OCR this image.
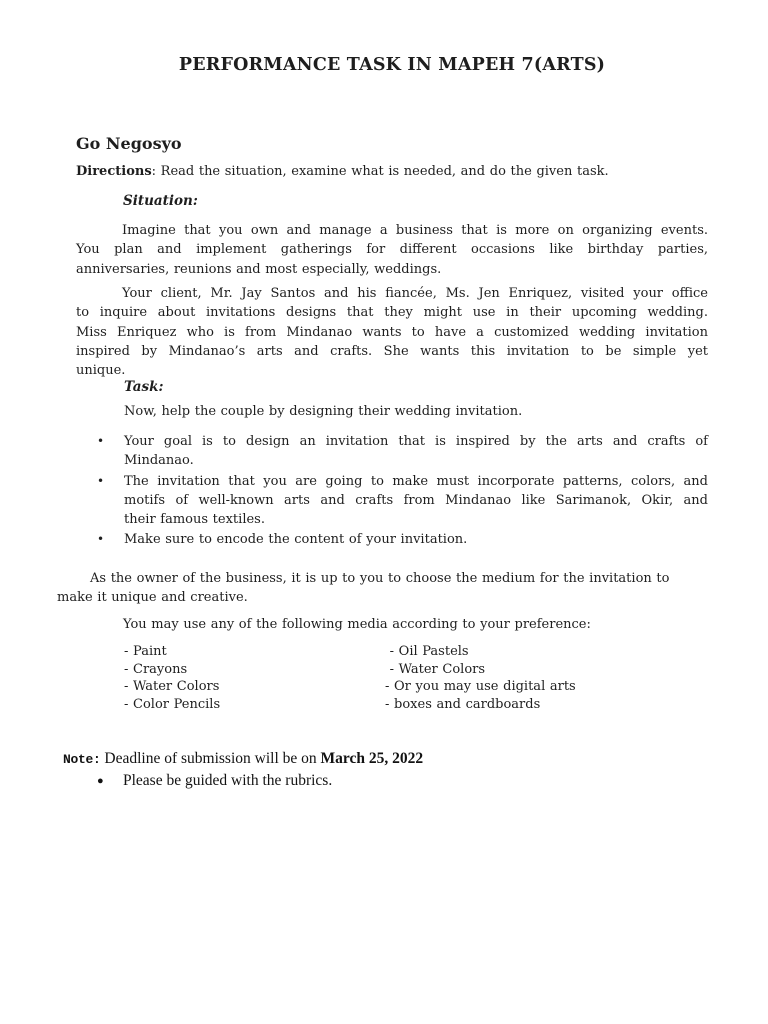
PERFORMANCE TASK IN MAPEH 7(ARTS)
Go Negosyo
Directions: Read the situation, examine what is needed, and do the given task.
Situation:
Imagine that you own and manage a business that is more on organizing events.
You plan and implement gatherings for different occasions like birthday parties,
anniversaries, reunions and most especially, weddings.
Your client, Mr. Jay Santos and his fiancée, Ms. Jen Enriquez, visited your office
to inquire about invitations designs that they might use in their upcoming wedding.
Miss Enriquez who is from Mindanao wants to have a customized wedding invitation
inspired by Mindanao’s arts and crafts. She wants this invitation to be simple yet
unique.
Task:
Now, help the couple by designing their wedding invitation.
• Your goal is to design an invitation that is inspired by the arts and crafts of
Mindanao.
• The invitation that you are going to make must incorporate patterns, colors, and
motifs of well-known arts and crafts from Mindanao like Sarimanok, Okir, and
their famous textiles.
• Make sure to encode the content of your invitation.
As the owner of the business, it is up to you to choose the medium for the invitation to
make it unique and creative.
You may use any of the following media according to your preference:
- Paint
- Crayons
- Water Colors
- Color Pencils
- Oil Pastels
- Water Colors
- Or you may use digital arts
- boxes and cardboards
Note: Deadline of submission will be on March 25, 2022
● Please be guided with the rubrics.
